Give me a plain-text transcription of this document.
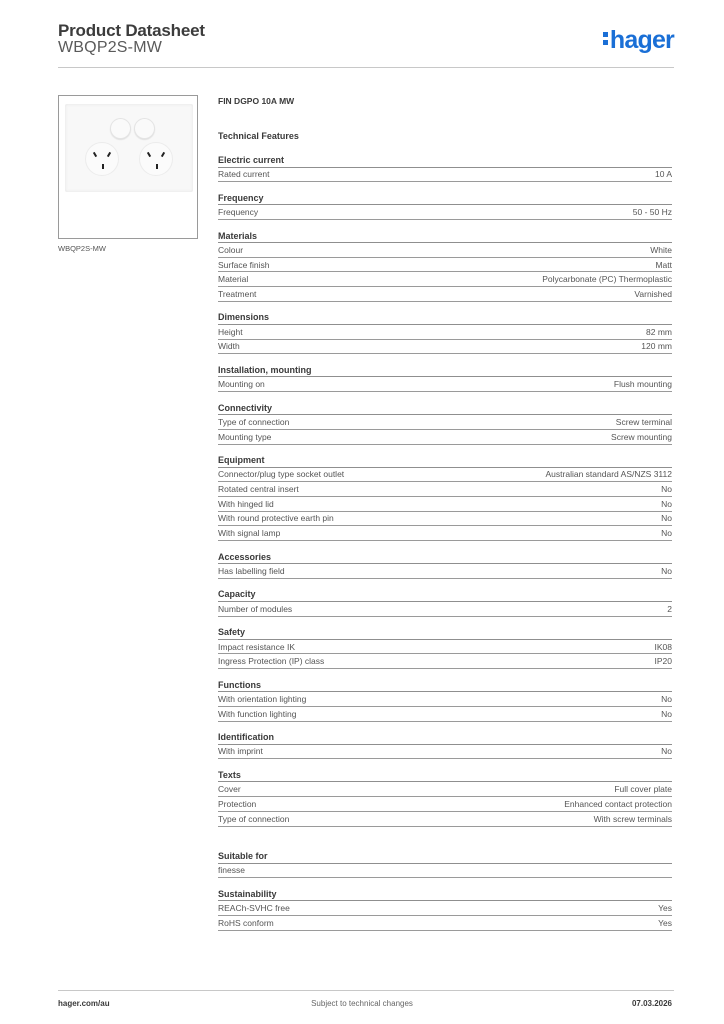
Product Datasheet
WBQP2S-MW	hager
WBQP2S-MW
FIN DGPO 10A MW
Technical Features
Electric current
Rated current	10 A
Frequency
Frequency	50 - 50 Hz
Materials
Colour	White
Surface finish	Matt
Material	Polycarbonate (PC) Thermoplastic
Treatment	Varnished
Dimensions
Height	82 mm
Width	120 mm
Installation, mounting
Mounting on	Flush mounting
Connectivity
Type of connection	Screw terminal
Mounting type	Screw mounting
Equipment
Connector/plug type socket outlet	Australian standard AS/NZS 3112
Rotated central insert	No
With hinged lid	No
With round protective earth pin	No
With signal lamp	No
Accessories
Has labelling field	No
Capacity
Number of modules	2
Safety
Impact resistance IK	IK08
Ingress Protection (IP) class	IP20
Functions
With orientation lighting	No
With function lighting	No
Identification
With imprint	No
Texts
Cover	Full cover plate
Protection	Enhanced contact protection
Type of connection	With screw terminals
Suitable for
finesse
Sustainability
REACh-SVHC free	Yes
RoHS conform	Yes
hager.com/au	Subject to technical changes	07.03.2026
